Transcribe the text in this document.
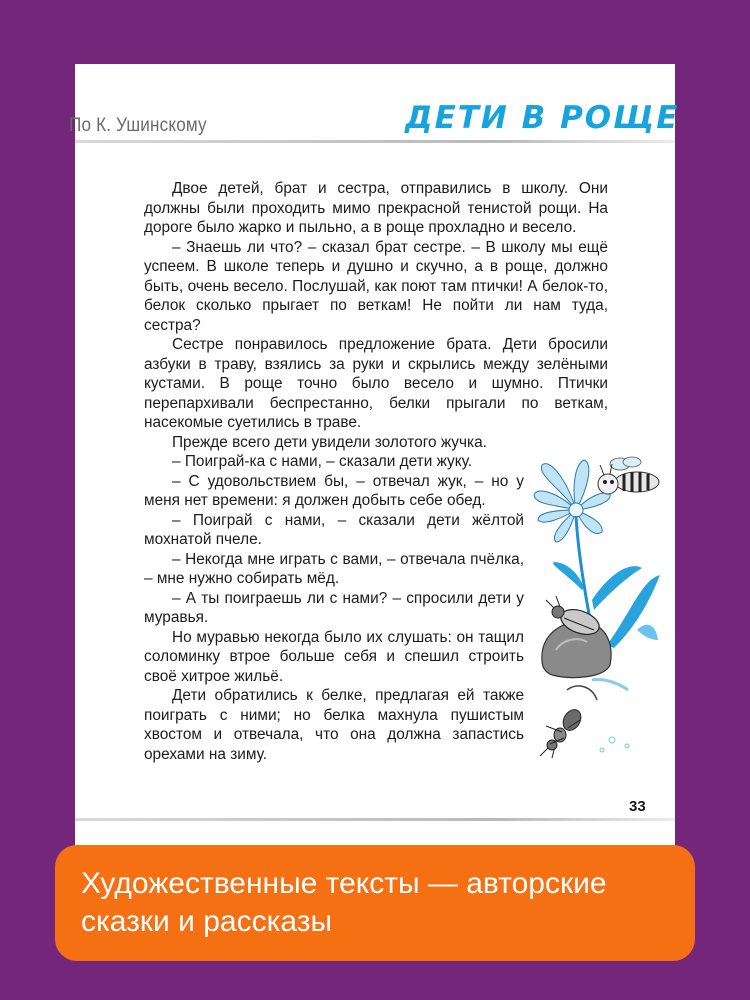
По К. Ушинскому	ДЕТИ В РОЩЕ

Двое детей, брат и сестра, отправились в школу. Они должны были проходить мимо прекрасной тенистой рощи. На дороге было жарко и пыльно, а в роще прохладно и весело.

– Знаешь ли что? – сказал брат сестре. – В школу мы ещё успеем. В школе теперь и душно и скучно, а в роще, должно быть, очень весело. Послушай, как поют там птички! А белок-то, белок сколько прыгает по веткам! Не пойти ли нам туда, сестра?

Сестре понравилось предложение брата. Дети бросили азбуки в траву, взялись за руки и скрылись между зелёными кустами. В роще точно было весело и шумно. Птички перепархивали беспрестанно, белки прыгали по веткам, насекомые суетились в траве.

Прежде всего дети увидели золотого жучка.

– Поиграй-ка с нами, – сказали дети жуку.

– С удовольствием бы, – отвечал жук, – но у меня нет времени: я должен добыть себе обед.

– Поиграй с нами, – сказали дети жёлтой мохнатой пчеле.

– Некогда мне играть с вами, – отвечала пчёлка, – мне нужно собирать мёд.

– А ты поиграешь ли с нами? – спросили дети у муравья.

Но муравью некогда было их слушать: он тащил соломинку втрое больше себя и спешил строить своё хитрое жильё.

Дети обратились к белке, предлагая ей также поиграть с ними; но белка махнула пушистым хвостом и отвечала, что она должна запастись орехами на зиму.

33
Художественные тексты — авторские
сказки и рассказы
